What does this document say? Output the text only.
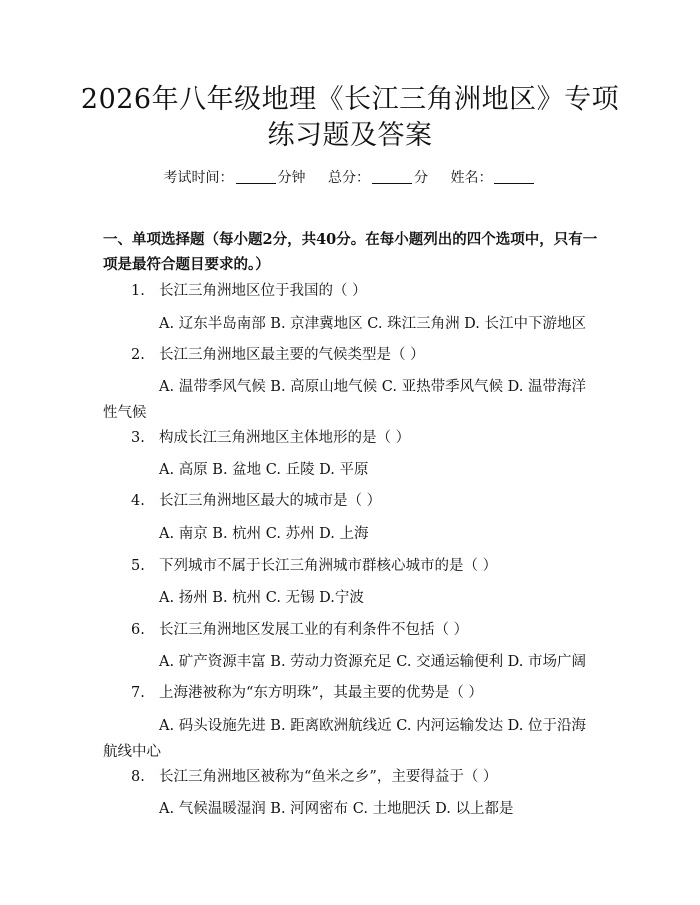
2026年八年级地理《长江三角洲地区》专项
练习题及答案
考试时间：	分钟 总分：	分 姓名：
一、单项选择题（每小题2分，共40分。在每小题列出的四个选项中，只有一项是最符合题目要求的。）
1. 长江三角洲地区位于我国的（ ）
A. 辽东半岛南部 B. 京津冀地区 C. 珠江三角洲 D. 长江中下游地区
2. 长江三角洲地区最主要的气候类型是（ ）
A. 温带季风气候 B. 高原山地气候 C. 亚热带季风气候 D. 温带海洋性气候
3. 构成长江三角洲地区主体地形的是（ ）
A. 高原 B. 盆地 C. 丘陵 D. 平原
4. 长江三角洲地区最大的城市是（ ）
A. 南京 B. 杭州 C. 苏州 D. 上海
5. 下列城市不属于长江三角洲城市群核心城市的是（ ）
A. 扬州 B. 杭州 C. 无锡 D.宁波
6. 长江三角洲地区发展工业的有利条件不包括（ ）
A. 矿产资源丰富 B. 劳动力资源充足 C. 交通运输便利 D. 市场广阔
7. 上海港被称为“东方明珠”，其最主要的优势是（ ）
A. 码头设施先进 B. 距离欧洲航线近 C. 内河运输发达 D. 位于沿海航线中心
8. 长江三角洲地区被称为“鱼米之乡”，主要得益于（ ）
A. 气候温暖湿润 B. 河网密布 C. 土地肥沃 D. 以上都是
